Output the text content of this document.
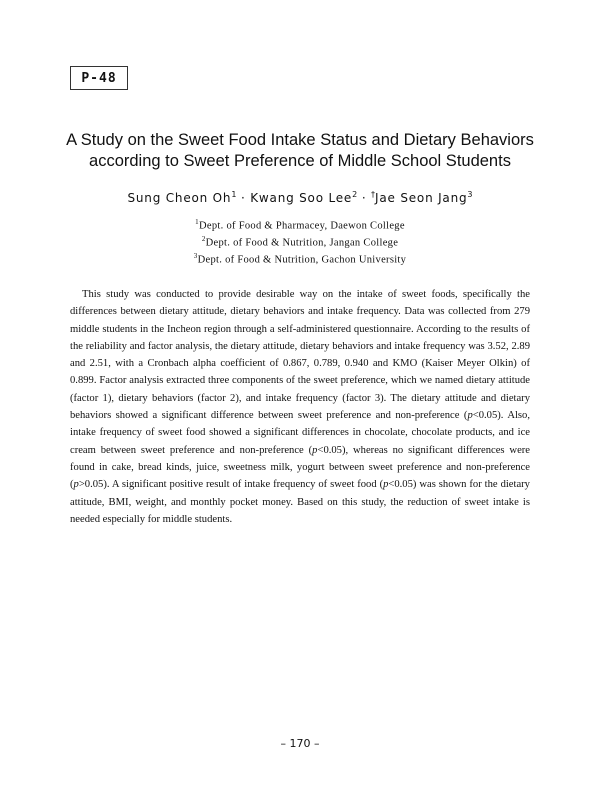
P-48
A Study on the Sweet Food Intake Status and Dietary Behaviors
according to Sweet Preference of Middle School Students
Sung Cheon $Oh^1$ · Kwang Soo Lee$^2$ · †Jae Seon Jang$^3$
$^1$Dept. of Food & Pharmacey, Daewon College
$^2$Dept. of Food & Nutrition, Jangan College
$^3$Dept. of Food & Nutrition, Gachon University

This study was conducted to provide desirable way on the intake of sweet foods, specifically the differences between dietary attitude, dietary behaviors and intake frequency. Data was collected from 279 middle students in the Incheon region through a self-administered questionnaire. According to the results of the reliability and factor analysis, the dietary attitude, dietary behaviors and intake frequency was 3.52, 2.89 and 2.51, with a Cronbach alpha coefficient of 0.867, 0.789, 0.940 and KMO (Kaiser Meyer Olkin) of 0.899. Factor analysis extracted three components of the sweet preference, which we named dietary attitude (factor 1), dietary behaviors (factor 2), and intake frequency (factor 3). The dietary attitude and dietary behaviors showed a significant difference between sweet preference and non-preference (p<0.05). Also, intake frequency of sweet food showed a significant differences in chocolate, chocolate products, and ice cream between sweet preference and non-preference (p<0.05), whereas no significant differences were found in cake, bread kinds, juice, sweetness milk, yogurt between sweet preference and non-preference (p>0.05). A significant positive result of intake frequency of sweet food (p<0.05) was shown for the dietary attitude, BMI, weight, and monthly pocket money. Based on this study, the reduction of sweet intake is needed especially for middle students.

– 170 –
